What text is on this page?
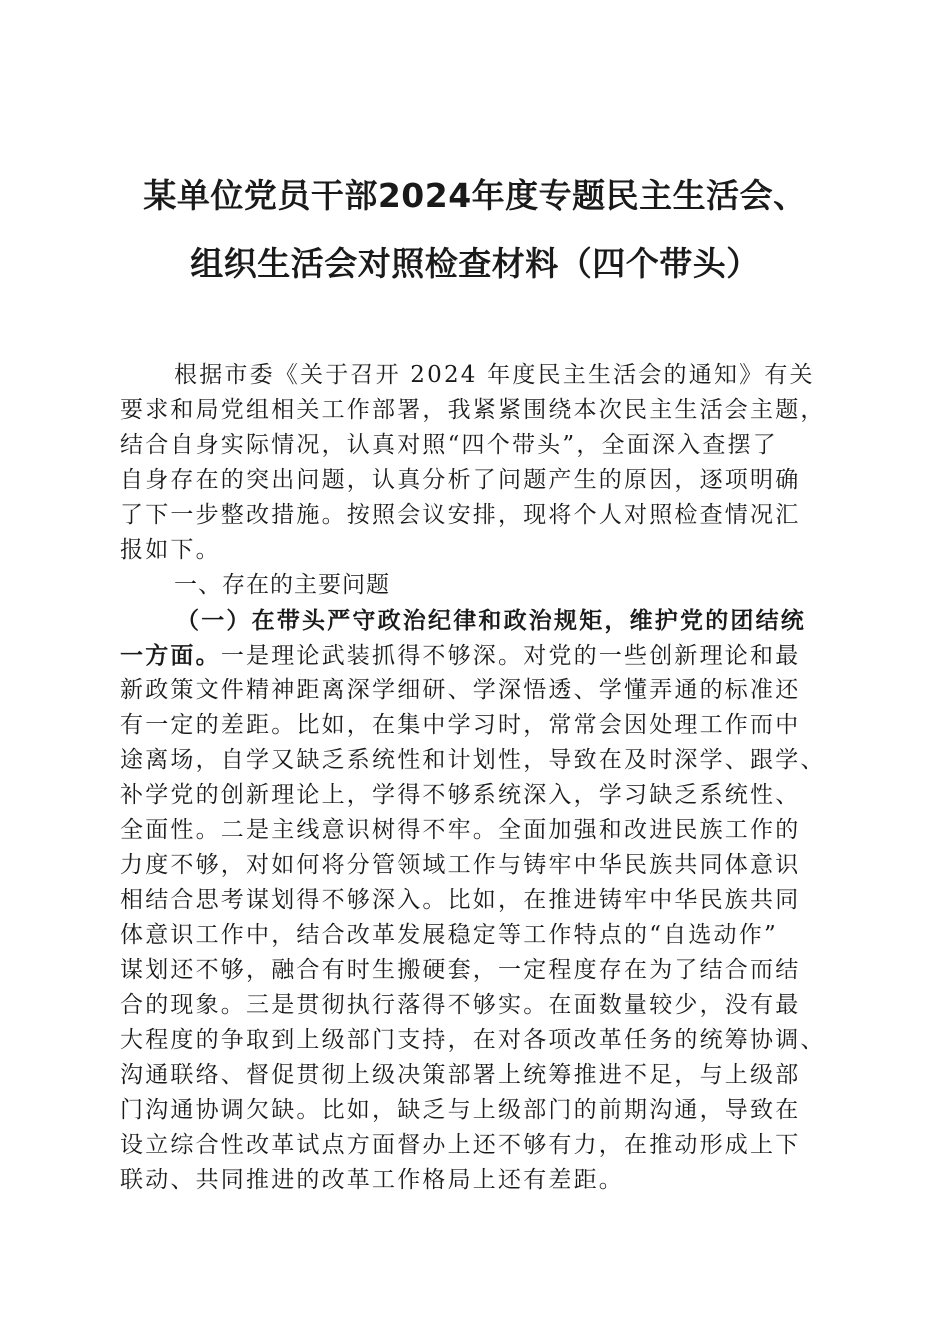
某单位党员干部2024年度专题民主生活会、
组织生活会对照检查材料（四个带头）
根据市委《关于召开 2024 年度民主生活会的通知》有关
要求和局党组相关工作部署，我紧紧围绕本次民主生活会主题，
结合自身实际情况，认真对照“四个带头”，全面深入查摆了
自身存在的突出问题，认真分析了问题产生的原因，逐项明确
了下一步整改措施。按照会议安排，现将个人对照检查情况汇
报如下。
一、存在的主要问题
（一）在带头严守政治纪律和政治规矩，维护党的团结统
一方面。一是理论武装抓得不够深。对党的一些创新理论和最
新政策文件精神距离深学细研、学深悟透、学懂弄通的标准还
有一定的差距。比如，在集中学习时，常常会因处理工作而中
途离场，自学又缺乏系统性和计划性，导致在及时深学、跟学、
补学党的创新理论上，学得不够系统深入，学习缺乏系统性、
全面性。二是主线意识树得不牢。全面加强和改进民族工作的
力度不够，对如何将分管领域工作与铸牢中华民族共同体意识
相结合思考谋划得不够深入。比如，在推进铸牢中华民族共同
体意识工作中，结合改革发展稳定等工作特点的“自选动作”
谋划还不够，融合有时生搬硬套，一定程度存在为了结合而结
合的现象。三是贯彻执行落得不够实。在面数量较少，没有最
大程度的争取到上级部门支持，在对各项改革任务的统筹协调、
沟通联络、督促贯彻上级决策部署上统筹推进不足，与上级部
门沟通协调欠缺。比如，缺乏与上级部门的前期沟通，导致在
设立综合性改革试点方面督办上还不够有力，在推动形成上下
联动、共同推进的改革工作格局上还有差距。
